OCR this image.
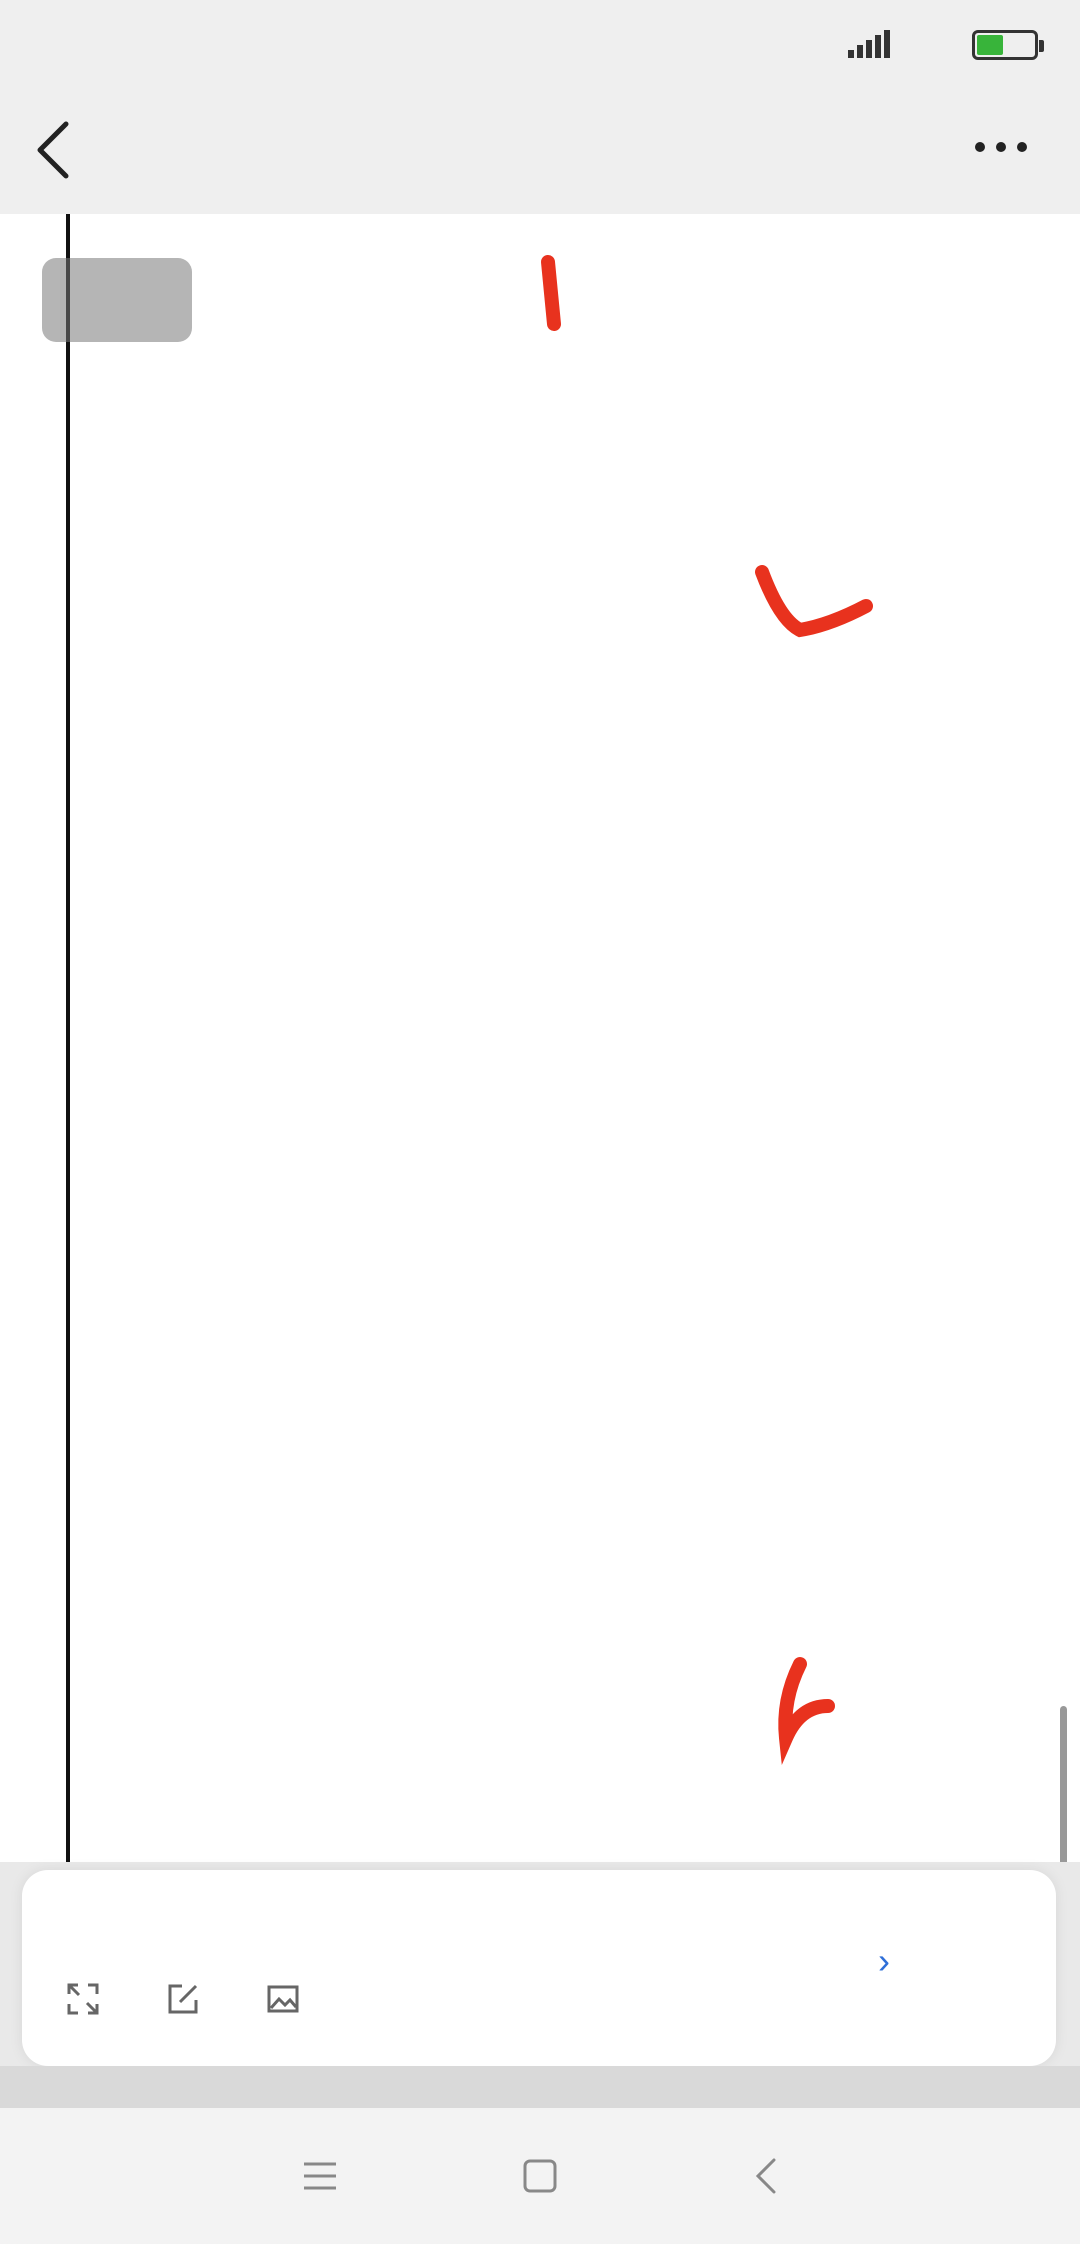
›
